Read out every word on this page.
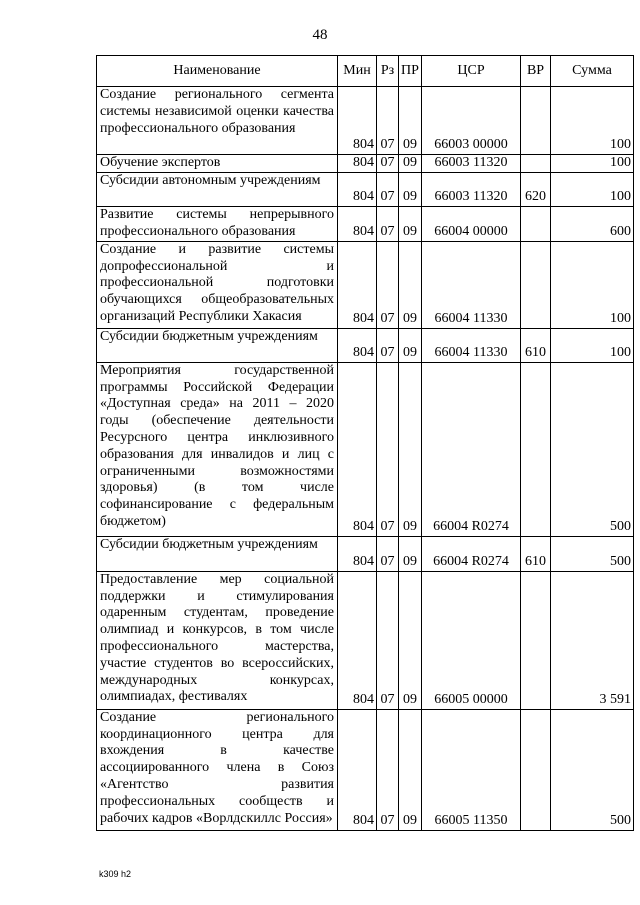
48
Наименование	Мин	Рз	ПР	ЦСР	ВР	Сумма
Создание регионального сегмента системы независимой оценки качества профессионального образования	804	07	09	66003 00000		100
Обучение экспертов	804	07	09	66003 11320		100
Субсидии автономным учреждениям	804	07	09	66003 11320	620	100
Развитие системы непрерывного профессионального образования	804	07	09	66004 00000		600
Создание и развитие системы допрофессиональной и профессиональной подготовки обучающихся общеобразовательных организаций Республики Хакасия	804	07	09	66004 11330		100
Субсидии бюджетным учреждениям	804	07	09	66004 11330	610	100
Мероприятия государственной программы Российской Федерации «Доступная среда» на 2011 – 2020 годы (обеспечение деятельности Ресурсного центра инклюзивного образования для инвалидов и лиц с ограниченными возможностями здоровья) (в том числе софинансирование с федеральным бюджетом)	804	07	09	66004 R0274		500
Субсидии бюджетным учреждениям	804	07	09	66004 R0274	610	500
Предоставление мер социальной поддержки и стимулирования одаренным студентам, проведение олимпиад и конкурсов, в том числе профессионального мастерства, участие студентов во всероссийских, международных конкурсах, олимпиадах, фестивалях	804	07	09	66005 00000		3 591
Создание регионального координационного центра для вхождения в качестве ассоциированного члена в Союз «Агентство развития профессиональных сообществ и рабочих кадров «Ворлдскиллс Россия»	804	07	09	66005 11350		500
k309 h2
